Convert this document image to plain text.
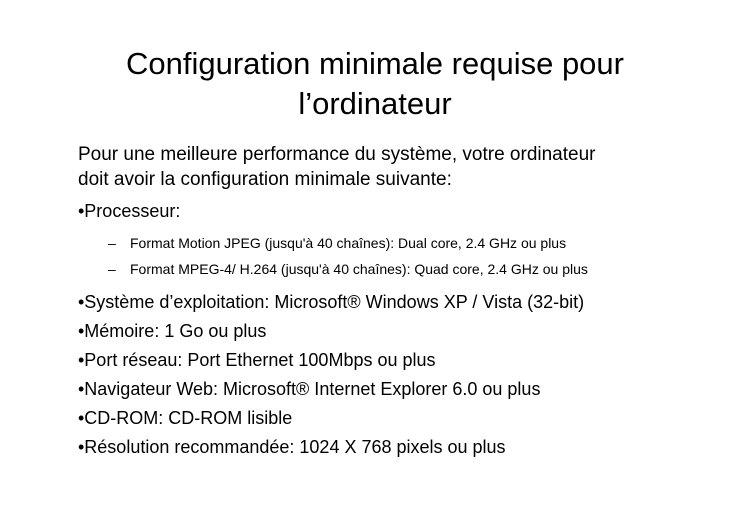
Configuration minimale requise pour
l’ordinateur
Pour une meilleure performance du système, votre ordinateur
doit avoir la configuration minimale suivante:
•Processeur:
– Format Motion JPEG (jusqu'à 40 chaînes): Dual core, 2.4 GHz ou plus
– Format MPEG-4/ H.264 (jusqu'à 40 chaînes): Quad core, 2.4 GHz ou plus
•Système d’exploitation: Microsoft® Windows XP / Vista (32-bit)
•Mémoire: 1 Go ou plus
•Port réseau: Port Ethernet 100Mbps ou plus
•Navigateur Web: Microsoft® Internet Explorer 6.0 ou plus
•CD-ROM: CD-ROM lisible
•Résolution recommandée: 1024 X 768 pixels ou plus
